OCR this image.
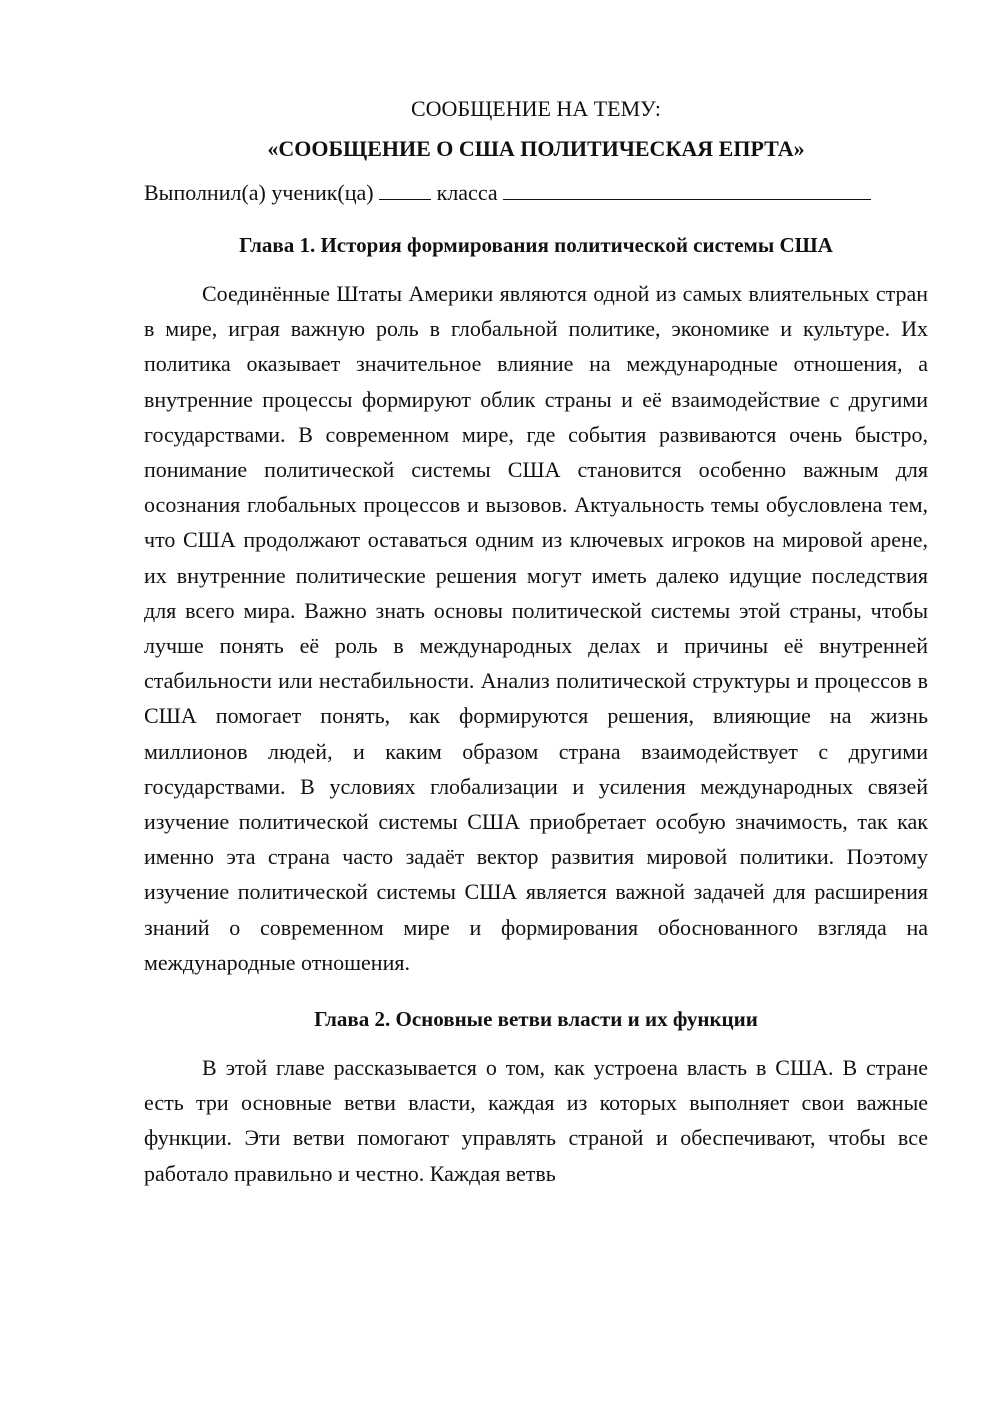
СООБЩЕНИЕ НА ТЕМУ:

«СООБЩЕНИЕ О США ПОЛИТИЧЕСКАЯ ЕПРТА»

Выполнил(а) ученик(ца)	класса

Глава 1. История формирования политической системы США

Соединённые Штаты Америки являются одной из самых влиятельных стран в мире, играя важную роль в глобальной политике, экономике и культуре. Их политика оказывает значительное влияние на международные отношения, а внутренние процессы формируют облик страны и её взаимодействие с другими государствами. В современном мире, где события развиваются очень быстро, понимание политической системы США становится особенно важным для осознания глобальных процессов и вызовов. Актуальность темы обусловлена тем, что США продолжают оставаться одним из ключевых игроков на мировой арене, их внутренние политические решения могут иметь далеко идущие последствия для всего мира. Важно знать основы политической системы этой страны, чтобы лучше понять её роль в международных делах и причины её внутренней стабильности или нестабильности. Анализ политической структуры и процессов в США помогает понять, как формируются решения, влияющие на жизнь миллионов людей, и каким образом страна взаимодействует с другими государствами. В условиях глобализации и усиления международных связей изучение политической системы США приобретает особую значимость, так как именно эта страна часто задаёт вектор развития мировой политики. Поэтому изучение политической системы США является важной задачей для расширения знаний о современном мире и формирования обоснованного взгляда на международные отношения.

Глава 2. Основные ветви власти и их функции

В этой главе рассказывается о том, как устроена власть в США. В стране есть три основные ветви власти, каждая из которых выполняет свои важные функции. Эти ветви помогают управлять страной и обеспечивают, чтобы все работало правильно и честно. Каждая ветвь
